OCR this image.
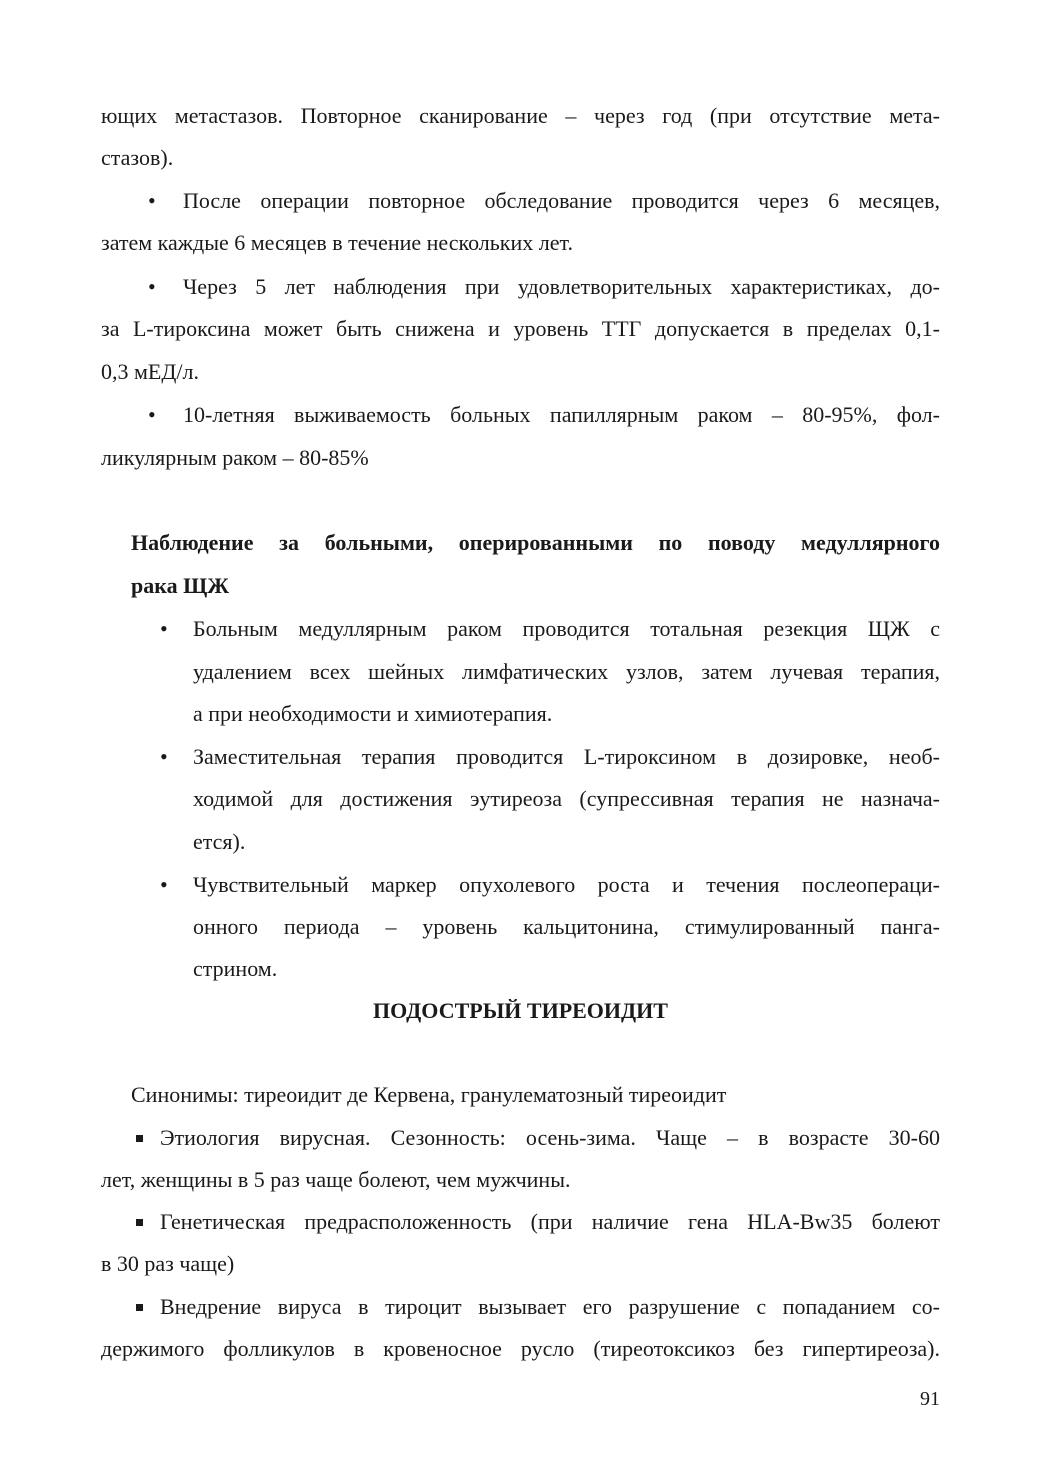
ющих метастазов. Повторное сканирование – через год (при отсутствие мета-
стазов).
• После операции повторное обследование проводится через 6 месяцев,
затем каждые 6 месяцев в течение нескольких лет.
• Через 5 лет наблюдения при удовлетворительных характеристиках, до-
за L-тироксина может быть снижена и уровень ТТГ допускается в пределах 0,1-
0,3 мЕД/л.
• 10-летняя выживаемость больных папиллярным раком – 80-95%, фол-
ликулярным раком – 80-85%
Наблюдение за больными, оперированными по поводу медуллярного
рака ЩЖ
• Больным медуллярным раком проводится тотальная резекция ЩЖ с
удалением всех шейных лимфатических узлов, затем лучевая терапия,
а при необходимости и химиотерапия.
• Заместительная терапия проводится L-тироксином в дозировке, необ-
ходимой для достижения эутиреоза (супрессивная терапия не назнача-
ется).
• Чувствительный маркер опухолевого роста и течения послеопераци-
онного периода – уровень кальцитонина, стимулированный панга-
стрином.
ПОДОСТРЫЙ ТИРЕОИДИТ
Синонимы: тиреоидит де Кервена, гранулематозный тиреоидит
Этиология вирусная. Сезонность: осень-зима. Чаще – в возрасте 30-60
лет, женщины в 5 раз чаще болеют, чем мужчины.
Генетическая предрасположенность (при наличие гена HLA-Bw35 болеют
в 30 раз чаще)
Внедрение вируса в тироцит вызывает его разрушение с попаданием со-
держимого фолликулов в кровеносное русло (тиреотоксикоз без гипертиреоза).
91
